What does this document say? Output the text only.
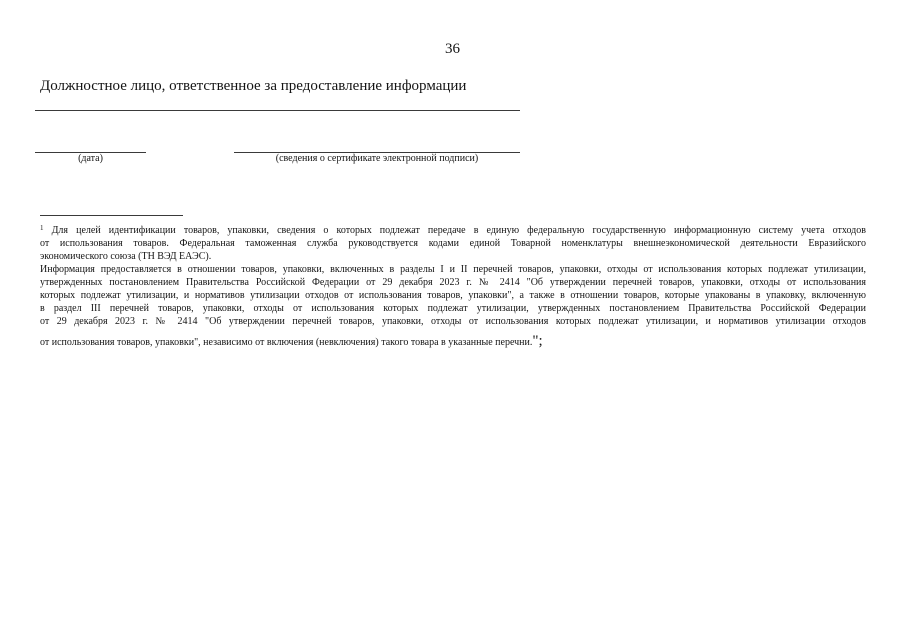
36
Должностное лицо, ответственное за предоставление информации
(дата)	(сведения о сертификате электронной подписи)
$^1$ Для целей идентификации товаров, упаковки, сведения о которых подлежат передаче в единую федеральную государственную информационную систему учета отходов
от использования товаров. Федеральная таможенная служба руководствуется кодами единой Товарной номенклатуры внешнеэкономической деятельности Евразийского
экономического союза (ТН ВЭД ЕАЭС).
Информация предоставляется в отношении товаров, упаковки, включенных в разделы I и II перечней товаров, упаковки, отходы от использования которых подлежат утилизации,
утвержденных постановлением Правительства Российской Федерации от 29 декабря 2023 г. № 2414 "Об утверждении перечней товаров, упаковки, отходы от использования
которых подлежат утилизации, и нормативов утилизации отходов от использования товаров, упаковки", а также в отношении товаров, которые упакованы в упаковку, включенную
в раздел III перечней товаров, упаковки, отходы от использования которых подлежат утилизации, утвержденных постановлением Правительства Российской Федерации
от 29 декабря 2023 г. № 2414 "Об утверждении перечней товаров, упаковки, отходы от использования которых подлежат утилизации, и нормативов утилизации отходов
от использования товаров, упаковки", независимо от включения (невключения) такого товара в указанные перечни.";
